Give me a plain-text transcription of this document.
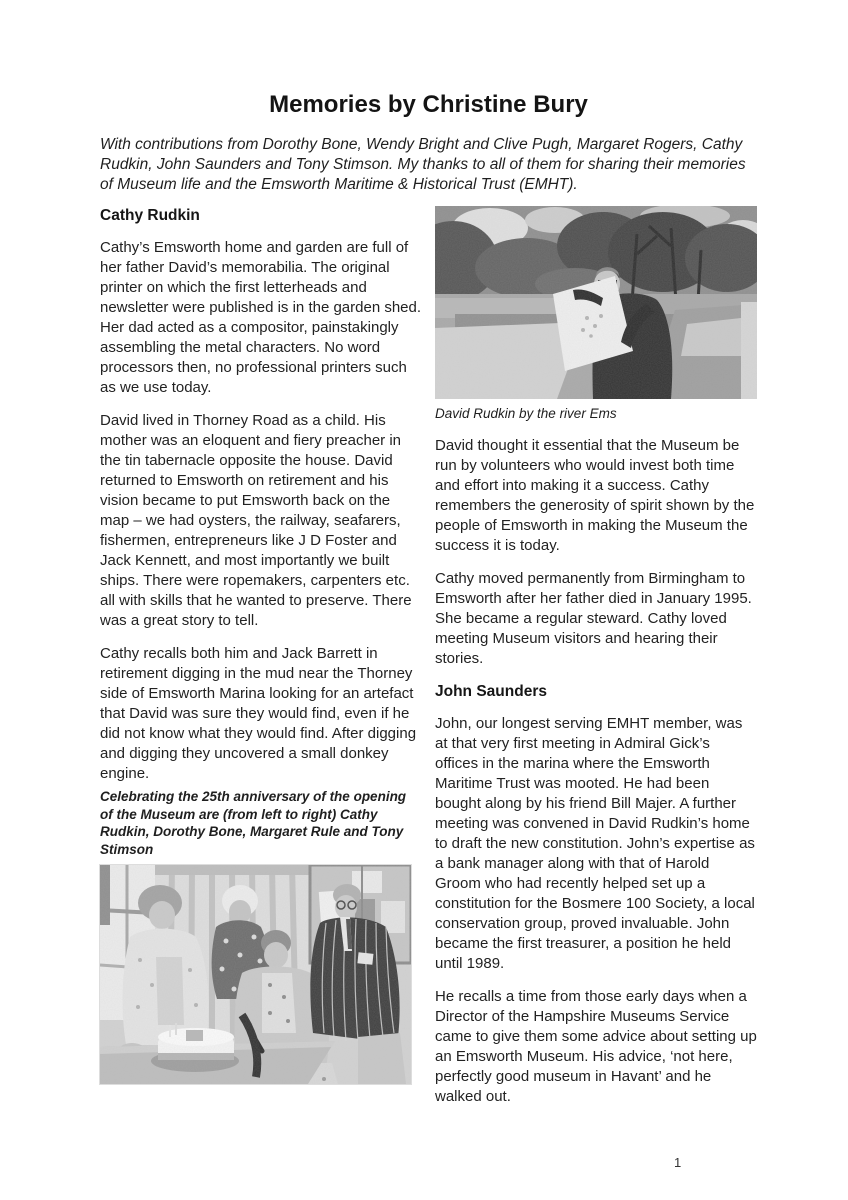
Memories by Christine Bury

With contributions from Dorothy Bone, Wendy Bright and Clive Pugh, Margaret Rogers, Cathy Rudkin, John Saunders and Tony Stimson. My thanks to all of them for sharing their memories of Museum life and the Emsworth Maritime & Historical Trust (EMHT).

Cathy Rudkin

Cathy’s Emsworth home and garden are full of her father David’s memorabilia. The original printer on which the first letterheads and newsletter were published is in the garden shed. Her dad acted as a compositor, painstakingly assembling the metal characters. No word processors then, no professional printers such as we use today.

David lived in Thorney Road as a child. His mother was an eloquent and fiery preacher in the tin tabernacle opposite the house. David returned to Emsworth on retirement and his vision became to put Emsworth back on the map – we had oysters, the railway, seafarers, fishermen, entrepreneurs like J D Foster and Jack Kennett, and most importantly we built ships. There were ropemakers, carpenters etc. all with skills that he wanted to preserve. There was a great story to tell.

Cathy recalls both him and Jack Barrett in retirement digging in the mud near the Thorney side of Emsworth Marina looking for an artefact that David was sure they would find, even if he did not know what they would find. After digging and digging they uncovered a small donkey engine.

Celebrating the 25th anniversary of the opening of the Museum are (from left to right) Cathy Rudkin, Dorothy Bone, Margaret Rule and Tony Stimson

David Rudkin by the river Ems

David thought it essential that the Museum be run by volunteers who would invest both time and effort into making it a success. Cathy remembers the generosity of spirit shown by the people of Emsworth in making the Museum the success it is today.

Cathy moved permanently from Birmingham to Emsworth after her father died in January 1995. She became a regular steward. Cathy loved meeting Museum visitors and hearing their stories.

John Saunders

John, our longest serving EMHT member, was at that very first meeting in Admiral Gick’s offices in the marina where the Emsworth Maritime Trust was mooted. He had been bought along by his friend Bill Majer. A further meeting was convened in David Rudkin’s home to draft the new constitution. John’s expertise as a bank manager along with that of Harold Groom who had recently helped set up a constitution for the Bosmere 100 Society, a local conservation group, proved invaluable. John became the first treasurer, a position he held until 1989.

He recalls a time from those early days when a Director of the Hampshire Museums Service came to give them some advice about setting up an Emsworth Museum. His advice, ‘not here, perfectly good museum in Havant’ and he walked out.

1
